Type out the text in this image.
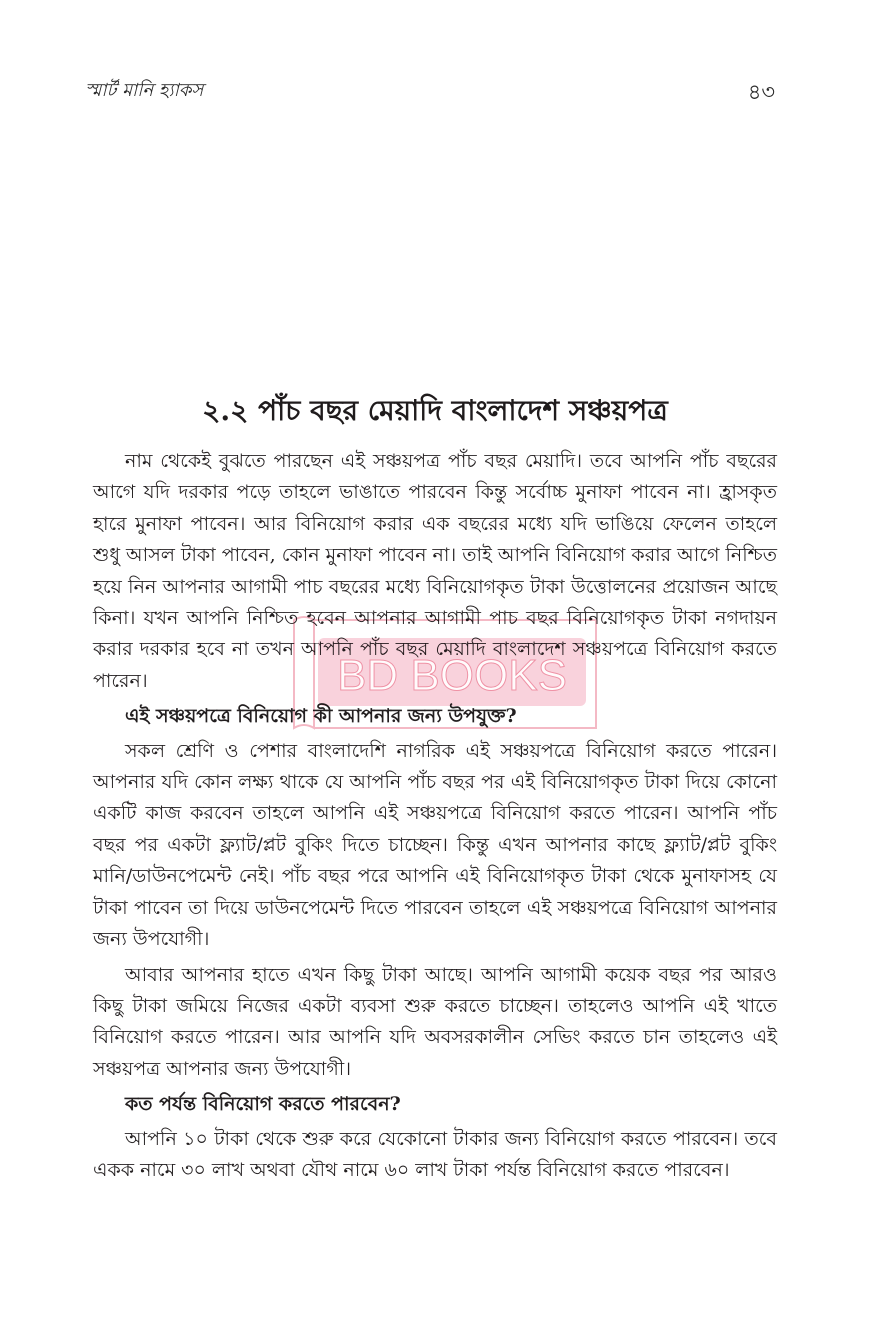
স্মার্ট মানি হ্যাকস	৪৩
২.২ পাঁচ বছর মেয়াদি বাংলাদেশ সঞ্চয়পত্র

নাম থেকেই বুঝতে পারছেন এই সঞ্চয়পত্র পাঁচ বছর মেয়াদি। তবে আপনি পাঁচ বছরের আগে যদি দরকার পড়ে তাহলে ভাঙাতে পারবেন কিন্তু সর্বোচ্চ মুনাফা পাবেন না। হ্রাসকৃত হারে মুনাফা পাবেন। আর বিনিয়োগ করার এক বছরের মধ্যে যদি ভাঙিয়ে ফেলেন তাহলে শুধু আসল টাকা পাবেন, কোন মুনাফা পাবেন না। তাই আপনি বিনিয়োগ করার আগে নিশ্চিত হয়ে নিন আপনার আগামী পাচ বছরের মধ্যে বিনিয়োগকৃত টাকা উত্তোলনের প্রয়োজন আছে কিনা। যখন আপনি নিশ্চিত হবেন আপনার আগামী পাচ বছর বিনিয়োগকৃত টাকা নগদায়ন করার দরকার হবে না তখন আপনি পাঁচ বছর মেয়াদি বাংলাদেশ সঞ্চয়পত্রে বিনিয়োগ করতে পারেন।

এই সঞ্চয়পত্রে বিনিয়োগ কী আপনার জন্য উপযুক্ত?

সকল শ্রেণি ও পেশার বাংলাদেশি নাগরিক এই সঞ্চয়পত্রে বিনিয়োগ করতে পারেন। আপনার যদি কোন লক্ষ্য থাকে যে আপনি পাঁচ বছর পর এই বিনিয়োগকৃত টাকা দিয়ে কোনো একটি কাজ করবেন তাহলে আপনি এই সঞ্চয়পত্রে বিনিয়োগ করতে পারেন। আপনি পাঁচ বছর পর একটা ফ্ল্যাট/প্লট বুকিং দিতে চাচ্ছেন। কিন্তু এখন আপনার কাছে ফ্ল্যাট/প্লট বুকিং মানি/ডাউনপেমেন্ট নেই। পাঁচ বছর পরে আপনি এই বিনিয়োগকৃত টাকা থেকে মুনাফাসহ যে টাকা পাবেন তা দিয়ে ডাউনপেমেন্ট দিতে পারবেন তাহলে এই সঞ্চয়পত্রে বিনিয়োগ আপনার জন্য উপযোগী।

আবার আপনার হাতে এখন কিছু টাকা আছে। আপনি আগামী কয়েক বছর পর আরও কিছু টাকা জমিয়ে নিজের একটা ব্যবসা শুরু করতে চাচ্ছেন। তাহলেও আপনি এই খাতে বিনিয়োগ করতে পারেন। আর আপনি যদি অবসরকালীন সেভিং করতে চান তাহলেও এই সঞ্চয়পত্র আপনার জন্য উপযোগী।

কত পর্যন্ত বিনিয়োগ করতে পারবেন?

আপনি ১০ টাকা থেকে শুরু করে যেকোনো টাকার জন্য বিনিয়োগ করতে পারবেন। তবে একক নামে ৩০ লাখ অথবা যৌথ নামে ৬০ লাখ টাকা পর্যন্ত বিনিয়োগ করতে পারবেন।

BD BOOKS
